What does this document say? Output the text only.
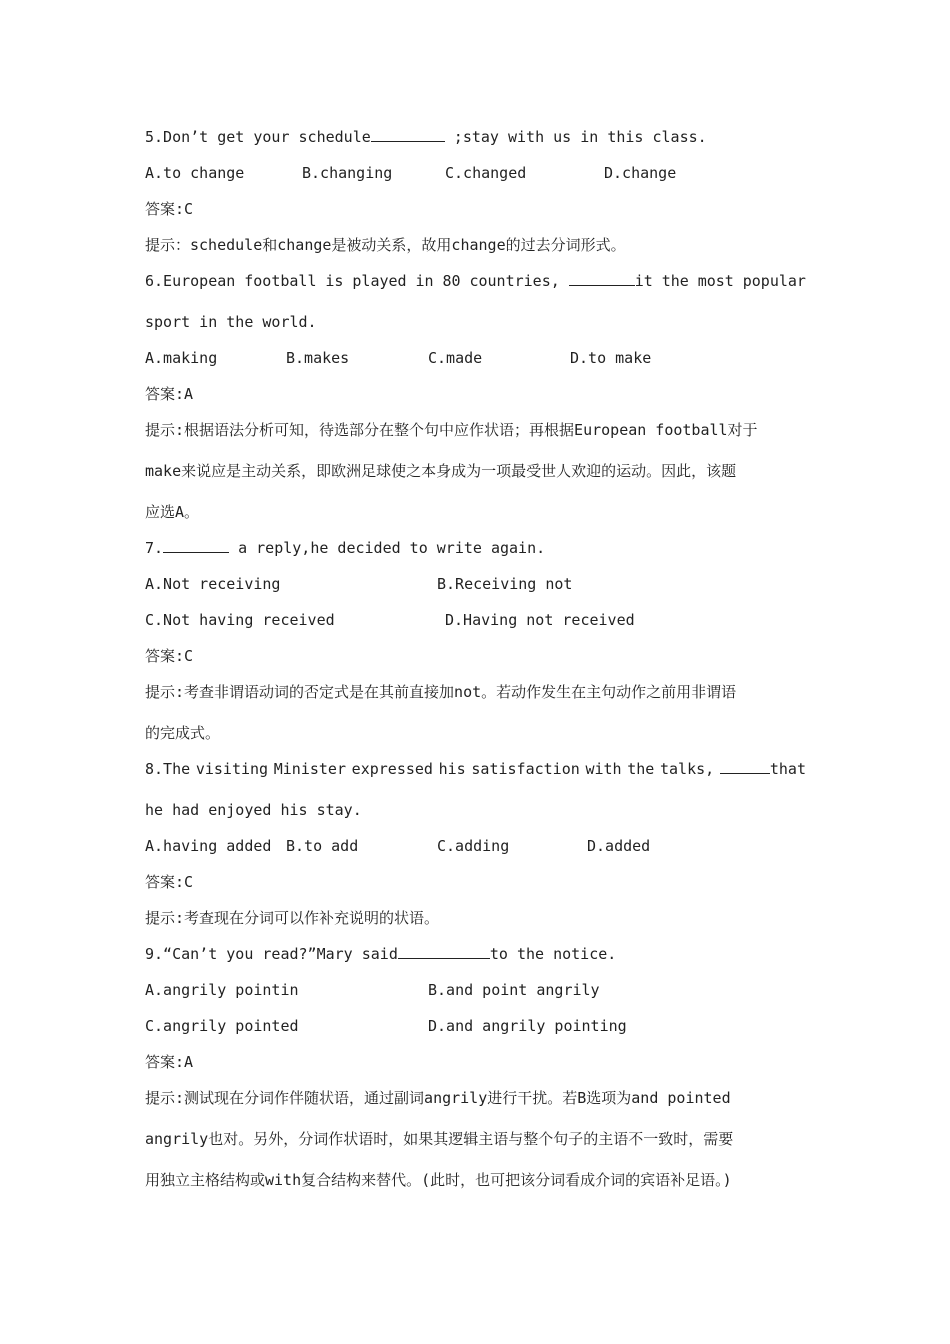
5.Don’t get your schedule	;stay with us in this class.
A.to change	B.changing	C.changed	D.change
答案:C
提示：schedule和change是被动关系，故用change的过去分词形式。
6.European football is played in 80 countries,	it the most popular
sport in the world.
A.making	B.makes	C.made	D.to make
答案:A
提示:根据语法分析可知，待选部分在整个句中应作状语；再根据European football对于
make来说应是主动关系，即欧洲足球使之本身成为一项最受世人欢迎的运动。因此，该题
应选A。
7.	a reply,he decided to write again.
A.Not receiving	B.Receiving not
C.Not having received	D.Having not received
答案:C
提示:考查非谓语动词的否定式是在其前直接加not。若动作发生在主句动作之前用非谓语
的完成式。
8.The visiting Minister expressed his satisfaction with the talks,	that
he had enjoyed his stay.
A.having added B.to add	C.adding	D.added
答案:C
提示:考查现在分词可以作补充说明的状语。
9.“Can’t you read?”Mary said	to the notice.
A.angrily pointin	B.and point angrily
C.angrily pointed	D.and angrily pointing
答案:A
提示:测试现在分词作伴随状语，通过副词angrily进行干扰。若B选项为and pointed
angrily也对。另外，分词作状语时，如果其逻辑主语与整个句子的主语不一致时，需要
用独立主格结构或with复合结构来替代。(此时，也可把该分词看成介词的宾语补足语。)
